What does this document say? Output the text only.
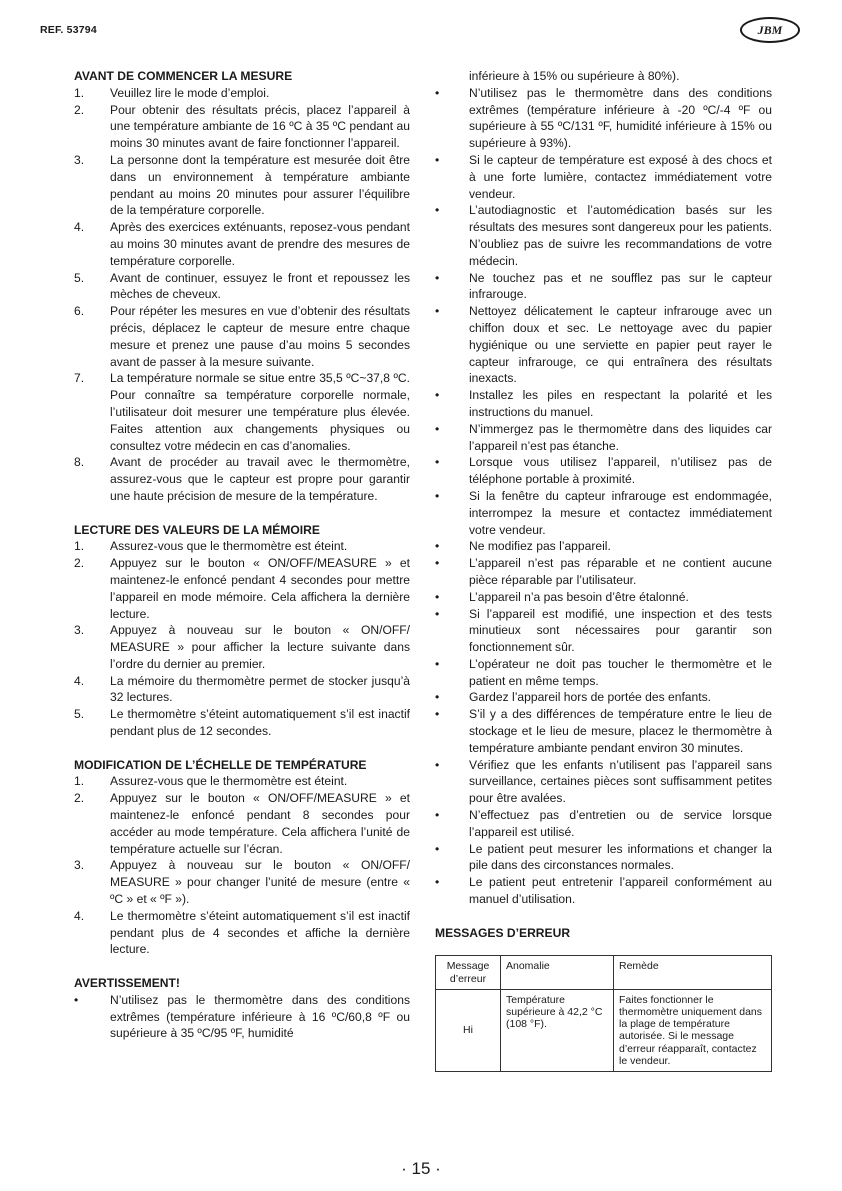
REF. 53794	JBM

AVANT DE COMMENCER LA MESURE

1.	Veuillez lire le mode d’emploi.
2.	Pour obtenir des résultats précis, placez l’appareil à une température ambiante de 16 ºC à 35 ºC pendant au moins 30 minutes avant de faire fonctionner l’appareil.
3.	La personne dont la température est mesurée doit être dans un environnement à température ambiante pendant au moins 20 minutes pour assurer l’équilibre de la température corporelle.
4.	Après des exercices exténuants, reposez-vous pendant au moins 30 minutes avant de prendre des mesures de température corporelle.
5.	Avant de continuer, essuyez le front et repoussez les mèches de cheveux.
6.	Pour répéter les mesures en vue d’obtenir des résultats précis, déplacez le capteur de mesure entre chaque mesure et prenez une pause d’au moins 5 secondes avant de passer à la mesure suivante.
7.	La température normale se situe entre 35,5 ºC~37,8 ºC. Pour connaître sa température corporelle normale, l’utilisateur doit mesurer une température plus élevée. Faites attention aux changements physiques ou consultez votre médecin en cas d’anomalies.
8.	Avant de procéder au travail avec le thermomètre, assurez-vous que le capteur est propre pour garantir une haute précision de mesure de la température.

LECTURE DES VALEURS DE LA MÉMOIRE

1.	Assurez-vous que le thermomètre est éteint.
2.	Appuyez sur le bouton « ON/OFF/MEASURE » et maintenez-le enfoncé pendant 4 secondes pour mettre l’appareil en mode mémoire. Cela affichera la dernière lecture.
3.	Appuyez à nouveau sur le bouton « ON/OFF/ MEASURE » pour afficher la lecture suivante dans l’ordre du dernier au premier.
4.	La mémoire du thermomètre permet de stocker jusqu’à 32 lectures.
5.	Le thermomètre s’éteint automatiquement s’il est inactif pendant plus de 12 secondes.

MODIFICATION DE L’ÉCHELLE DE TEMPÉRATURE

1.	Assurez-vous que le thermomètre est éteint.
2.	Appuyez sur le bouton « ON/OFF/MEASURE » et maintenez-le enfoncé pendant 8 secondes pour accéder au mode température. Cela affichera l’unité de température actuelle sur l’écran.
3.	Appuyez à nouveau sur le bouton « ON/OFF/ MEASURE » pour changer l’unité de mesure (entre « ºC » et « ºF »).
4.	Le thermomètre s’éteint automatiquement s’il est inactif pendant plus de 4 secondes et affiche la dernière lecture.

AVERTISSEMENT!

•	N’utilisez pas le thermomètre dans des conditions extrêmes (température inférieure à 16 ºC/60,8 ºF ou supérieure à 35 ºC/95 ºF, humidité
inférieure à 15% ou supérieure à 80%).
•	N’utilisez pas le thermomètre dans des conditions extrêmes (température inférieure à -20 ºC/-4 ºF ou supérieure à 55 ºC/131 ºF, humidité inférieure à 15% ou supérieure à 93%).
•	Si le capteur de température est exposé à des chocs et à une forte lumière, contactez immédiatement votre vendeur.
•	L’autodiagnostic et l’automédication basés sur les résultats des mesures sont dangereux pour les patients. N’oubliez pas de suivre les recommandations de votre médecin.
•	Ne touchez pas et ne soufflez pas sur le capteur infrarouge.
•	Nettoyez délicatement le capteur infrarouge avec un chiffon doux et sec. Le nettoyage avec du papier hygiénique ou une serviette en papier peut rayer le capteur infrarouge, ce qui entraînera des résultats inexacts.
•	Installez les piles en respectant la polarité et les instructions du manuel.
•	N’immergez pas le thermomètre dans des liquides car l’appareil n’est pas étanche.
•	Lorsque vous utilisez l’appareil, n’utilisez pas de téléphone portable à proximité.
•	Si la fenêtre du capteur infrarouge est endommagée, interrompez la mesure et contactez immédiatement votre vendeur.
•	Ne modifiez pas l’appareil.
•	L’appareil n’est pas réparable et ne contient aucune pièce réparable par l’utilisateur.
•	L’appareil n’a pas besoin d’être étalonné.
•	Si l’appareil est modifié, une inspection et des tests minutieux sont nécessaires pour garantir son fonctionnement sûr.
•	L’opérateur ne doit pas toucher le thermomètre et le patient en même temps.
•	Gardez l’appareil hors de portée des enfants.
•	S’il y a des différences de température entre le lieu de stockage et le lieu de mesure, placez le thermomètre à température ambiante pendant environ 30 minutes.
•	Vérifiez que les enfants n’utilisent pas l’appareil sans surveillance, certaines pièces sont suffisamment petites pour être avalées.
•	N’effectuez pas d’entretien ou de service lorsque l’appareil est utilisé.
•	Le patient peut mesurer les informations et changer la pile dans des circonstances normales.
•	Le patient peut entretenir l’appareil conformément au manuel d’utilisation.

MESSAGES D’ERREUR

Message d’erreur	Anomalie	Remède
Hi	Température supérieure à 42,2 °C (108 °F).	Faites fonctionner le thermomètre uniquement dans la plage de température autorisée. Si le message d’erreur réapparaît, contactez le vendeur.
· 15 ·
